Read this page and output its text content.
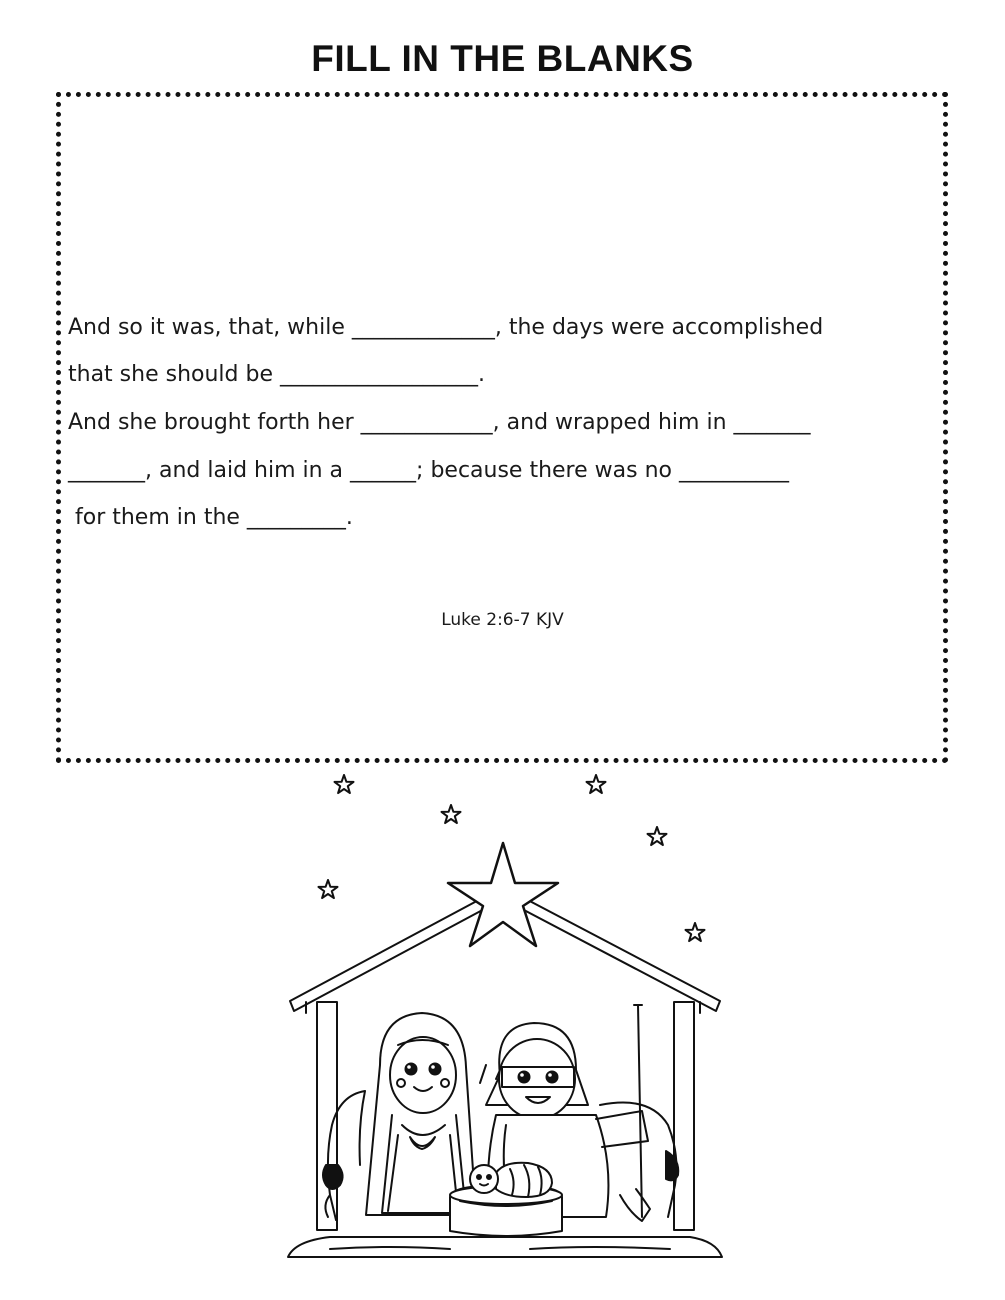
FILL IN THE BLANKS
And so it was, that, while _____________, the days were accomplished
that she should be __________________.
And she brought forth her ____________, and wrapped him in _______
_______, and laid him in a ______; because there was no __________
for them in the _________.
Luke 2:6-7 KJV
